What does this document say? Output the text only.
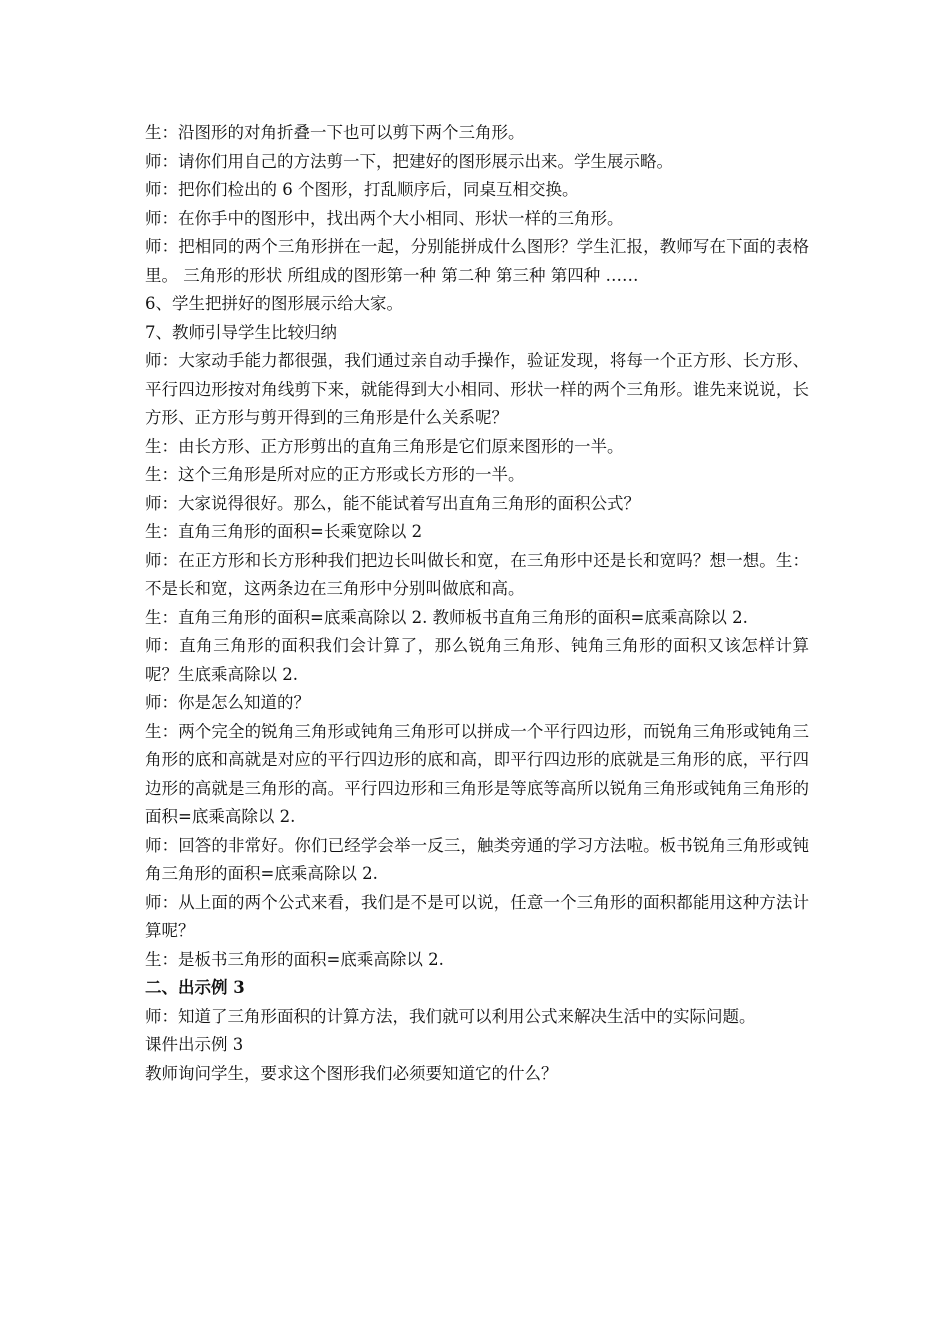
生：沿图形的对角折叠一下也可以剪下两个三角形。

师：请你们用自己的方法剪一下，把建好的图形展示出来。学生展示略。

师：把你们检出的 6 个图形，打乱顺序后，同桌互相交换。

师：在你手中的图形中，找出两个大小相同、形状一样的三角形。

师：把相同的两个三角形拼在一起，分别能拼成什么图形？学生汇报，教师写在下面的表格里。 三角形的形状 所组成的图形第一种 第二种 第三种 第四种 ……

6、学生把拼好的图形展示给大家。

7、教师引导学生比较归纳

师：大家动手能力都很强，我们通过亲自动手操作，验证发现，将每一个正方形、长方形、平行四边形按对角线剪下来，就能得到大小相同、形状一样的两个三角形。谁先来说说，长方形、正方形与剪开得到的三角形是什么关系呢？

生：由长方形、正方形剪出的直角三角形是它们原来图形的一半。

生：这个三角形是所对应的正方形或长方形的一半。

师：大家说得很好。那么，能不能试着写出直角三角形的面积公式？

生：直角三角形的面积=长乘宽除以 2

师：在正方形和长方形种我们把边长叫做长和宽，在三角形中还是长和宽吗？想一想。生：不是长和宽，这两条边在三角形中分别叫做底和高。

生：直角三角形的面积=底乘高除以 2. 教师板书直角三角形的面积=底乘高除以 2.

师：直角三角形的面积我们会计算了，那么锐角三角形、钝角三角形的面积又该怎样计算呢？生底乘高除以 2.

师：你是怎么知道的？

生：两个完全的锐角三角形或钝角三角形可以拼成一个平行四边形，而锐角三角形或钝角三角形的底和高就是对应的平行四边形的底和高，即平行四边形的底就是三角形的底，平行四边形的高就是三角形的高。平行四边形和三角形是等底等高所以锐角三角形或钝角三角形的面积=底乘高除以 2.

师：回答的非常好。你们已经学会举一反三，触类旁通的学习方法啦。板书锐角三角形或钝角三角形的面积=底乘高除以 2.

师：从上面的两个公式来看，我们是不是可以说，任意一个三角形的面积都能用这种方法计算呢？

生：是板书三角形的面积=底乘高除以 2.

二、出示例 3

师：知道了三角形面积的计算方法，我们就可以利用公式来解决生活中的实际问题。

课件出示例 3

教师询问学生，要求这个图形我们必须要知道它的什么？
